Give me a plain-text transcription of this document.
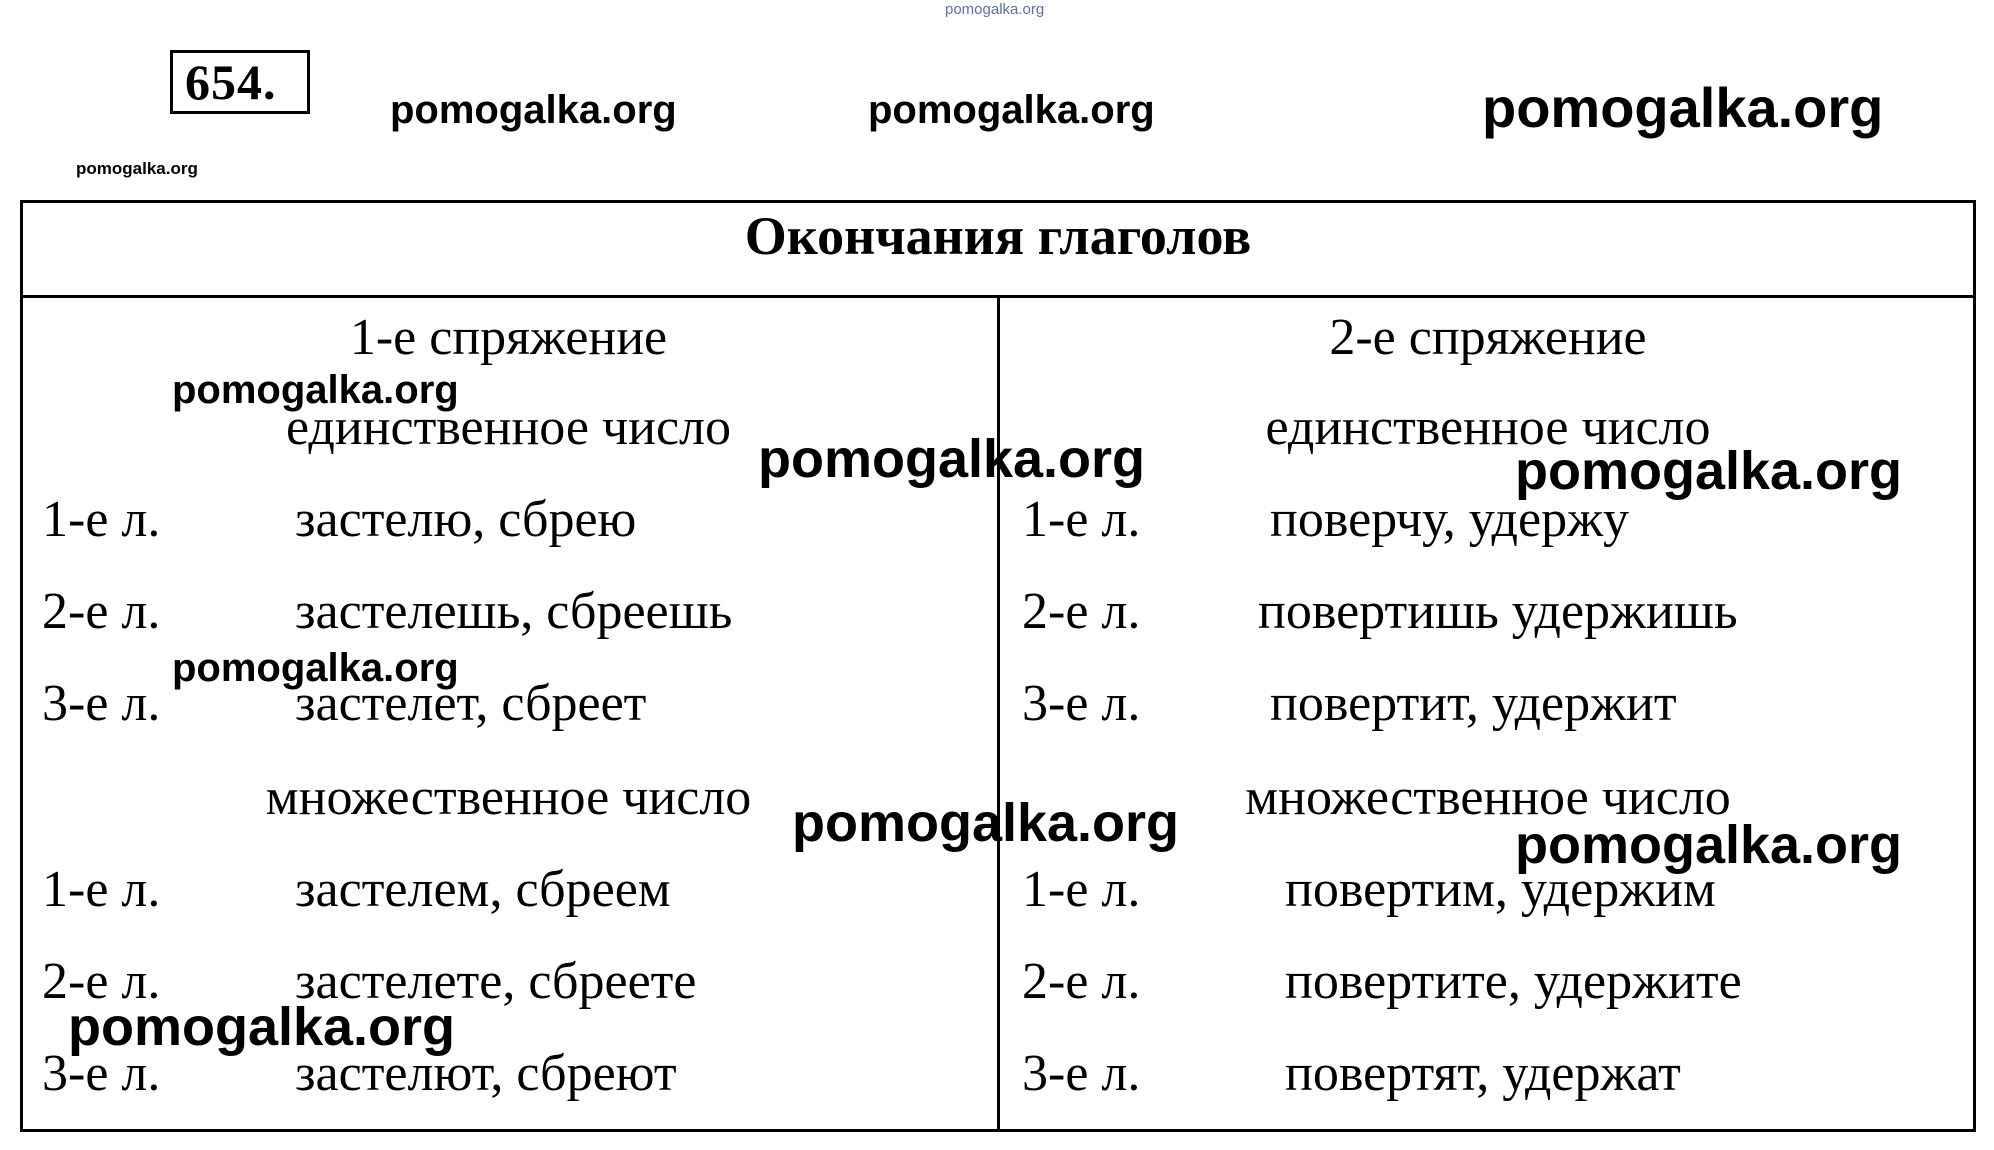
pomogalka.org
654.	pomogalka.org	pomogalka.org	pomogalka.org
pomogalka.org
Окончания глаголов
1-е спряжение
единственное число
1-е л.	застелю, сбрею
2-е л.	застелешь, сбреешь
3-е л.	застелет, сбреет
множественное число
1-е л.	застелем, сбреем
2-е л.	застелете, сбреете
3-е л.	застелют, сбреют
2-е спряжение
единственное число
1-е л. поверчу, удержу
2-е л. повертишь удержишь
3-е л. повертит, удержит
множественное число
1-е л.	повертим, удержим
2-е л.	повертите, удержите
3-е л.	повертят, удержат
pomogalka.org
pomogalka.org	pomogalka.org
pomogalka.org
pomogalka.org	pomogalka.org
pomogalka.org
